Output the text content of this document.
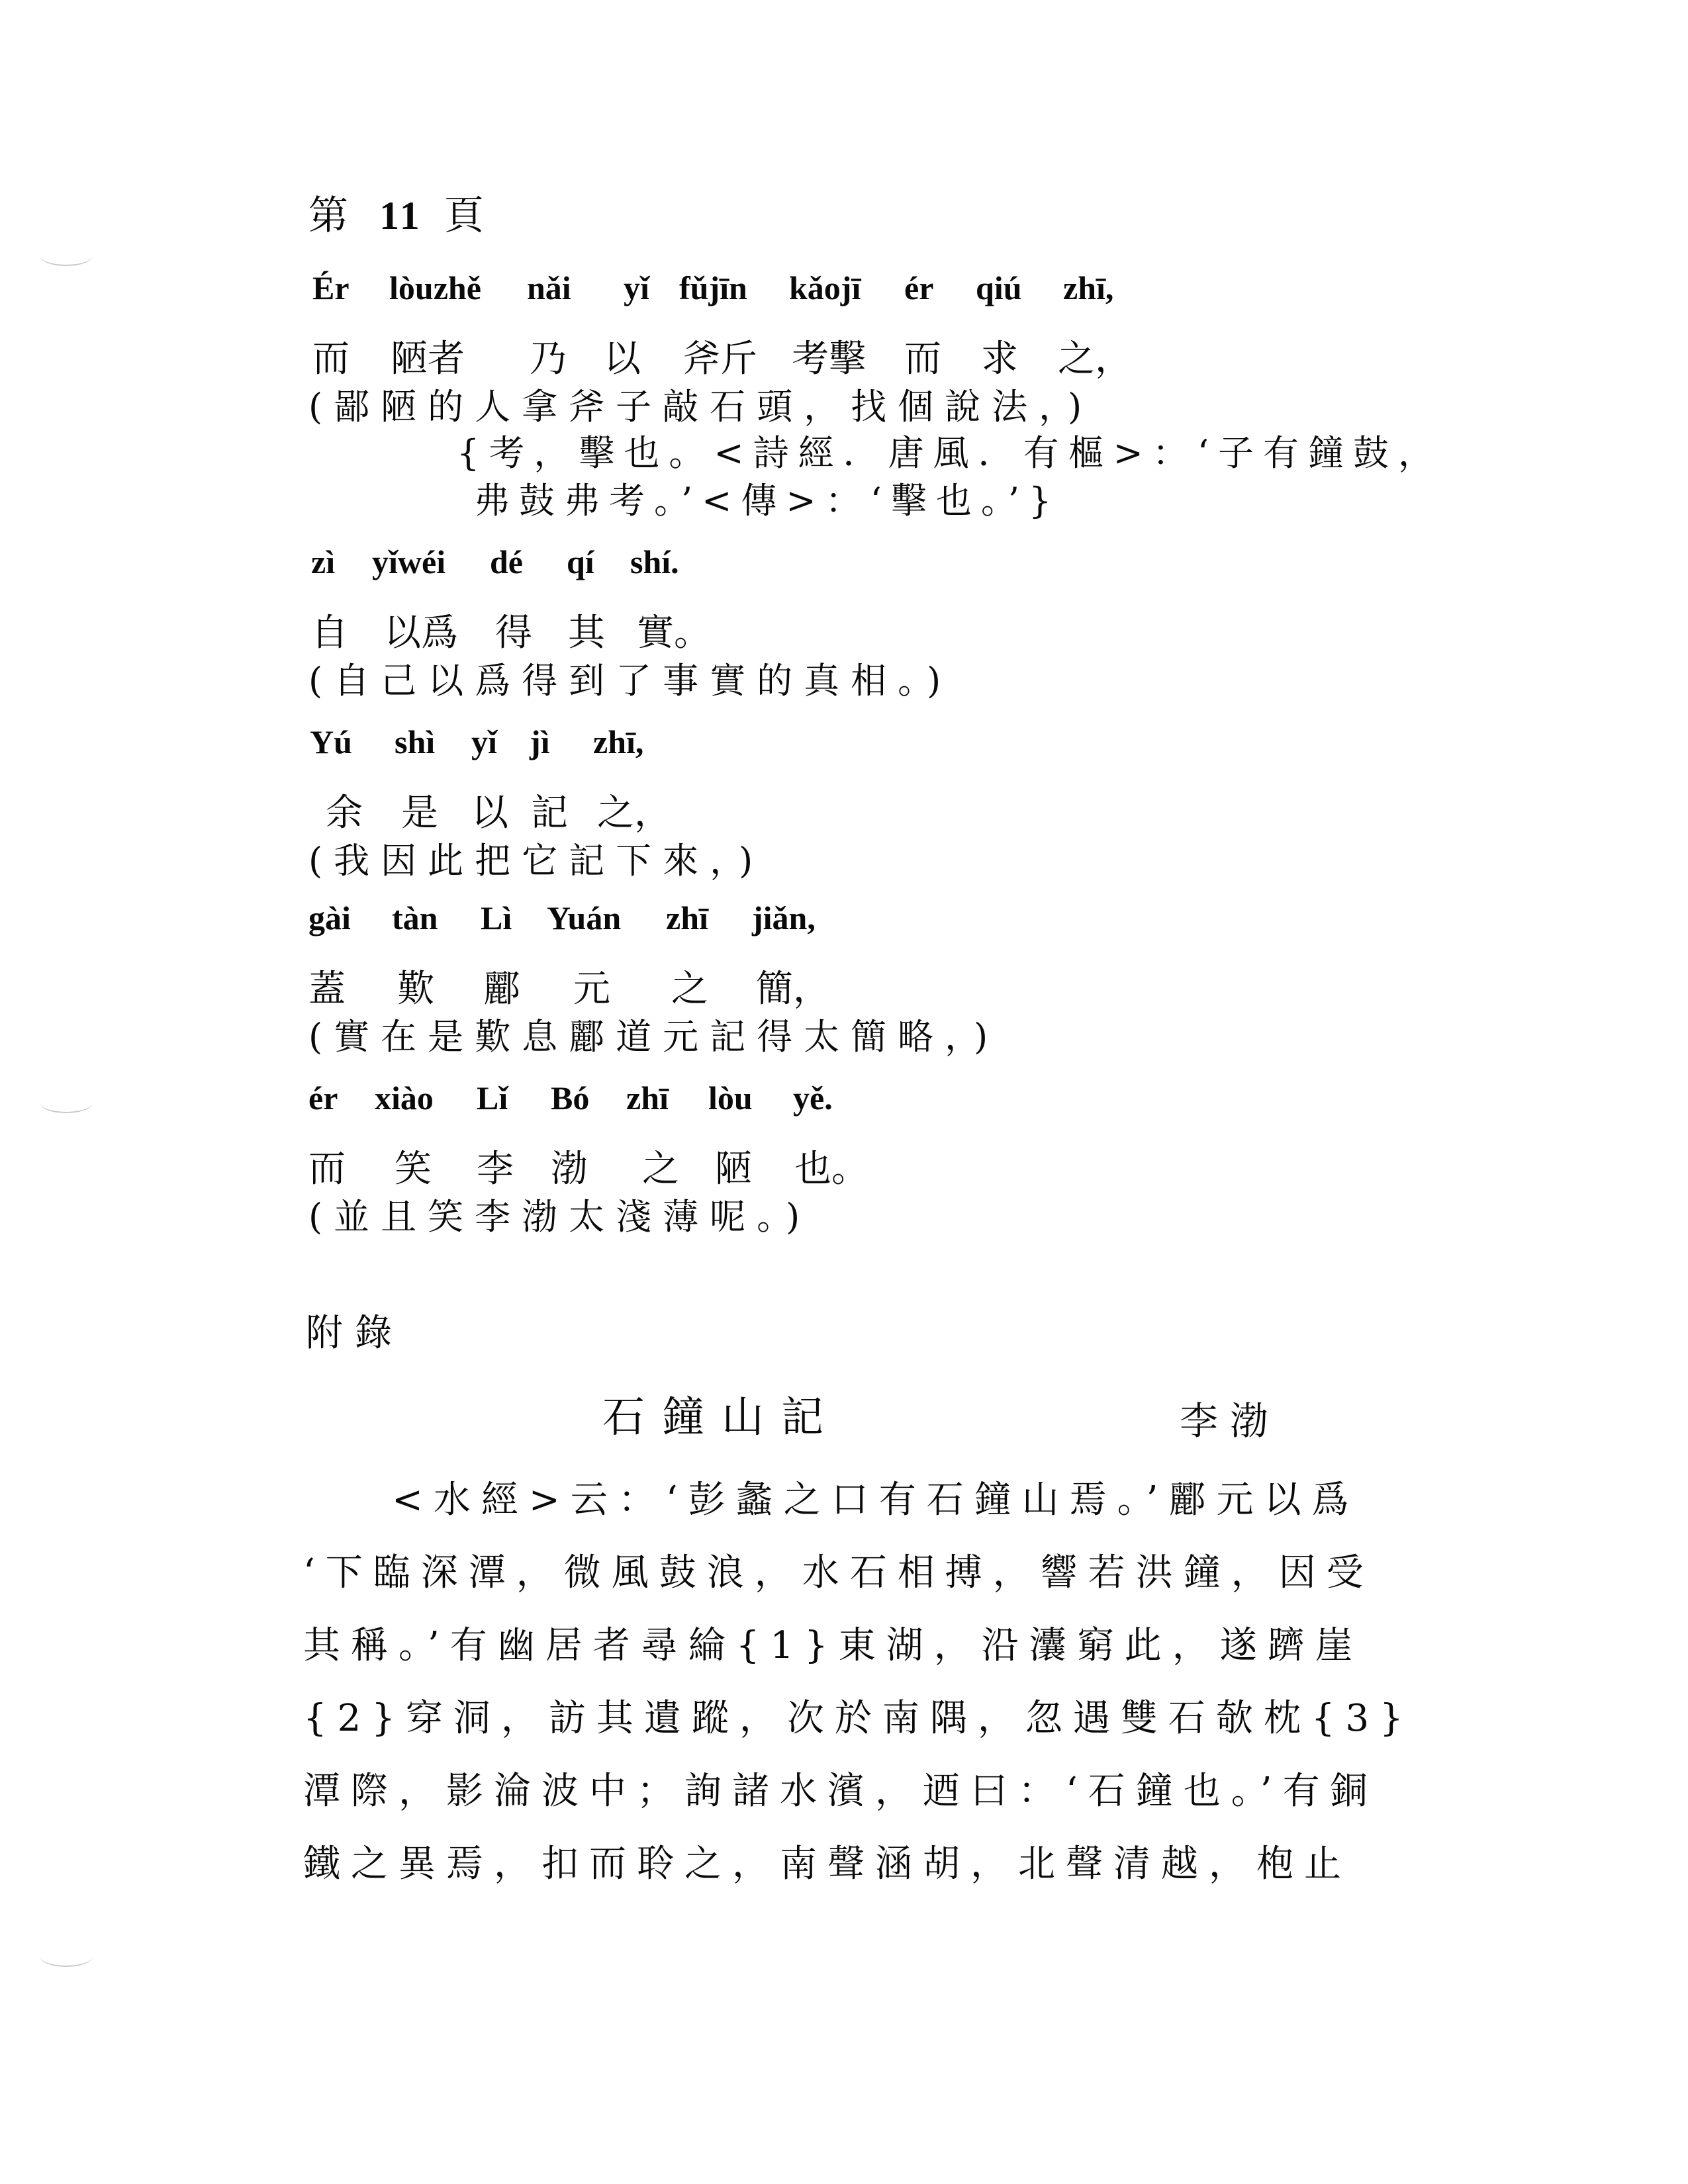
第 11 頁
Ér lòuzhě nǎi yǐ fǔjīn kǎojī ér qiú zhī,
而 陋者 乃 以 斧斤 考擊 而 求 之，
(鄙陋的人拿斧子敲石頭，找個說法，)
{考，擊也。<詩經．唐風．有樞>：‘子有鐘鼓，
弗鼓弗考。’<傳>：‘擊也。’}
zì yǐwéi dé qí shí.
自 以爲 得 其 實。
(自己以爲得到了事實的真相。)
Yú shì yǐ jì zhī,
余 是 以 記 之，
(我因此把它記下來，)
gài tàn Lì Yuán zhī jiǎn,
蓋 歎 酈 元 之 簡，
(實在是歎息酈道元記得太簡略，)
ér xiào Lǐ Bó zhī lòu yě.
而 笑 李 渤 之 陋 也。
(並且笑李渤太淺薄呢。)
附錄
石鐘山記	李渤
<水經>云：‘彭蠡之口有石鐘山焉。’酈元以爲
‘下臨深潭，微風鼓浪，水石相搏，響若洪鐘，因受
其稱。’有幽居者尋綸{1}東湖，沿灢窮此，遂躋崖
{2}穿洞，訪其遺蹤，次於南隅，忽遇雙石欹枕{3}
潭際，影淪波中；詢諸水濱，迺曰：‘石鐘也。’有銅
鐵之異焉，扣而聆之，南聲涵胡，北聲清越，枹止
